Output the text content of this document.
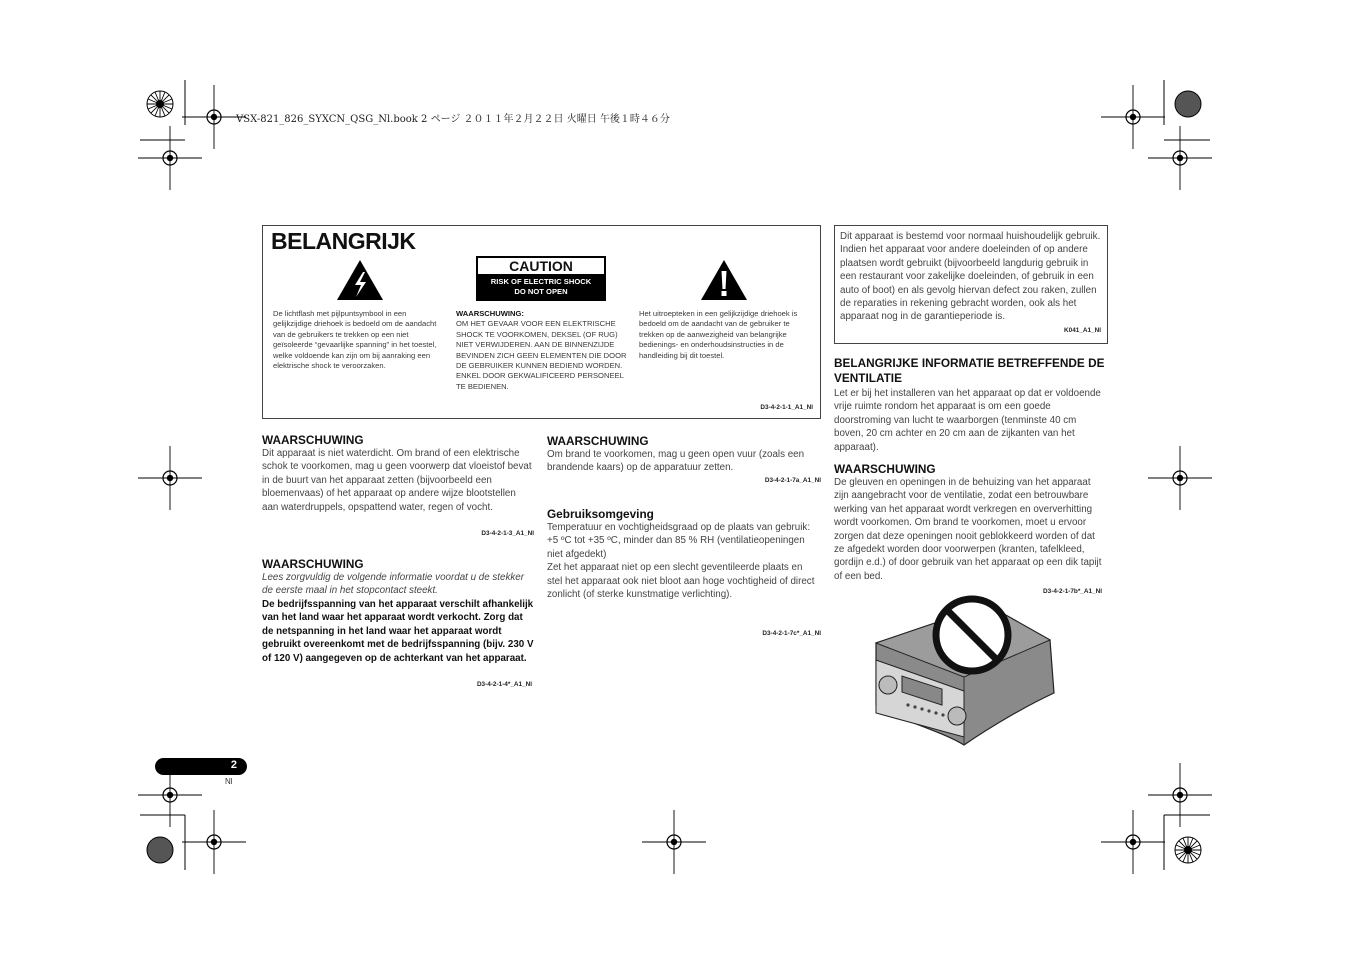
VSX-821_826_SYXCN_QSG_Nl.book 2 ページ ２０１１年２月２２日 火曜日 午後１時４６分
BELANGRIJK
CAUTION
RISK OF ELECTRIC SHOCK
DO NOT OPEN
De lichtflash met pijlpuntsymbool in een gelijkzijdige driehoek is bedoeld om de aandacht van de gebruikers te trekken op een niet geïsoleerde “gevaarlijke spanning” in het toestel, welke voldoende kan zijn om bij aanraking een elektrische shock te veroorzaken.
WAARSCHUWING:
OM HET GEVAAR VOOR EEN ELEKTRISCHE SHOCK TE VOORKOMEN, DEKSEL (OF RUG) NIET VERWIJDEREN. AAN DE BINNENZIJDE BEVINDEN ZICH GEEN ELEMENTEN DIE DOOR DE GEBRUIKER KUNNEN BEDIEND WORDEN. ENKEL DOOR GEKWALIFICEERD PERSONEEL TE BEDIENEN.
Het uitroepteken in een gelijkzijdige driehoek is bedoeld om de aandacht van de gebruiker te trekken op de aanwezigheid van belangrijke bedienings- en onderhoudsinstructies in de handleiding bij dit toestel.
D3-4-2-1-1_A1_Nl
WAARSCHUWING
Dit apparaat is niet waterdicht. Om brand of een elektrische schok te voorkomen, mag u geen voorwerp dat vloeistof bevat in de buurt van het apparaat zetten (bijvoorbeeld een bloemenvaas) of het apparaat op andere wijze blootstellen aan waterdruppels, opspattend water, regen of vocht.
D3-4-2-1-3_A1_Nl
WAARSCHUWING
Lees zorgvuldig de volgende informatie voordat u de stekker de eerste maal in het stopcontact steekt.
De bedrijfsspanning van het apparaat verschilt afhankelijk van het land waar het apparaat wordt verkocht. Zorg dat de netspanning in het land waar het apparaat wordt gebruikt overeenkomt met de bedrijfsspanning (bijv. 230 V of 120 V) aangegeven op de achterkant van het apparaat.
D3-4-2-1-4*_A1_Nl
WAARSCHUWING
Om brand te voorkomen, mag u geen open vuur (zoals een brandende kaars) op de apparatuur zetten.
D3-4-2-1-7a_A1_Nl
Gebruiksomgeving
Temperatuur en vochtigheidsgraad op de plaats van gebruik:
+5 ºC tot +35 ºC, minder dan 85 % RH (ventilatieopeningen niet afgedekt)
Zet het apparaat niet op een slecht geventileerde plaats en stel het apparaat ook niet bloot aan hoge vochtigheid of direct zonlicht (of sterke kunstmatige verlichting).
D3-4-2-1-7c*_A1_Nl
Dit apparaat is bestemd voor normaal huishoudelijk gebruik. Indien het apparaat voor andere doeleinden of op andere plaatsen wordt gebruikt (bijvoorbeeld langdurig gebruik in een restaurant voor zakelijke doeleinden, of gebruik in een auto of boot) en als gevolg hiervan defect zou raken, zullen de reparaties in rekening gebracht worden, ook als het apparaat nog in de garantieperiode is.
K041_A1_Nl
BELANGRIJKE INFORMATIE BETREFFENDE DE VENTILATIE
Let er bij het installeren van het apparaat op dat er voldoende vrije ruimte rondom het apparaat is om een goede doorstroming van lucht te waarborgen (tenminste 40 cm boven, 20 cm achter en 20 cm aan de zijkanten van het apparaat).
WAARSCHUWING
De gleuven en openingen in de behuizing van het apparaat zijn aangebracht voor de ventilatie, zodat een betrouwbare werking van het apparaat wordt verkregen en oververhitting wordt voorkomen. Om brand te voorkomen, moet u ervoor zorgen dat deze openingen nooit geblokkeerd worden of dat ze afgedekt worden door voorwerpen (kranten, tafelkleed, gordijn e.d.) of door gebruik van het apparaat op een dik tapijt of een bed.
D3-4-2-1-7b*_A1_Nl
2
Nl
